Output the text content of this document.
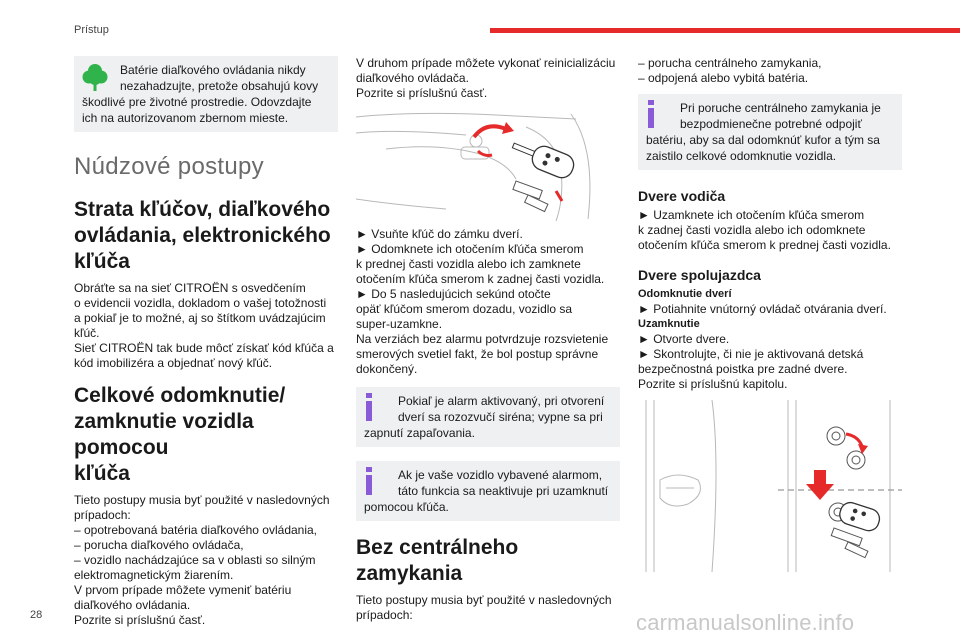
Prístup
Batérie diaľkového ovládania nikdy
nezahadzujte, pretože obsahujú kovy
škodlivé pre životné prostredie. Odovzdajte
ich na autorizovanom zbernom mieste.
Núdzové postupy
Strata kľúčov, diaľkového
ovládania, elektronického
kľúča
Obráťte sa na sieť CITROËN s osvedčením
o evidencii vozidla, dokladom o vašej totožnosti
a pokiaľ je to možné, aj so štítkom uvádzajúcim
kľúč.
Sieť CITROËN tak bude môcť získať kód kľúča a
kód imobilizéra a objednať nový kľúč.
Celkové odomknutie/
zamknutie vozidla pomocou
kľúča
Tieto postupy musia byť použité v nasledovných
prípadoch:
– opotrebovaná batéria diaľkového ovládania,
– porucha diaľkového ovládača,
– vozidlo nachádzajúce sa v oblasti so silným
elektromagnetickým žiarením.
V prvom prípade môžete vymeniť batériu
diaľkového ovládania.
Pozrite si príslušnú časť.
V druhom prípade môžete vykonať reinicializáciu
diaľkového ovládača.
Pozrite si príslušnú časť.
► Vsuňte kľúč do zámku dverí.
► Odomknete ich otočením kľúča smerom
k prednej časti vozidla alebo ich zamknete
otočením kľúča smerom k zadnej časti vozidla.
► Do 5 nasledujúcich sekúnd otočte
opäť kľúčom smerom dozadu, vozidlo sa
super-uzamkne.
Na verziách bez alarmu potvrdzuje rozsvietenie
smerových svetiel fakt, že bol postup správne
dokončený.
Pokiaľ je alarm aktivovaný, pri otvorení
dverí sa rozozvučí siréna; vypne sa pri
zapnutí zapaľovania.
Ak je vaše vozidlo vybavené alarmom,
táto funkcia sa neaktivuje pri uzamknutí
pomocou kľúča.
Bez centrálneho zamykania
Tieto postupy musia byť použité v nasledovných
prípadoch:
– porucha centrálneho zamykania,
– odpojená alebo vybitá batéria.
Pri poruche centrálneho zamykania je
bezpodmienečne potrebné odpojiť
batériu, aby sa dal odomknúť kufor a tým sa
zaistilo celkové odomknutie vozidla.
Dvere vodiča
► Uzamknete ich otočením kľúča smerom
k zadnej časti vozidla alebo ich odomknete
otočením kľúča smerom k prednej časti vozidla.
Dvere spolujazdca
Odomknutie dverí
► Potiahnite vnútorný ovládač otvárania dverí.
Uzamknutie
► Otvorte dvere.
► Skontrolujte, či nie je aktivovaná detská
bezpečnostná poistka pre zadné dvere.
Pozrite si príslušnú kapitolu.
28	carmanualsonline.info
